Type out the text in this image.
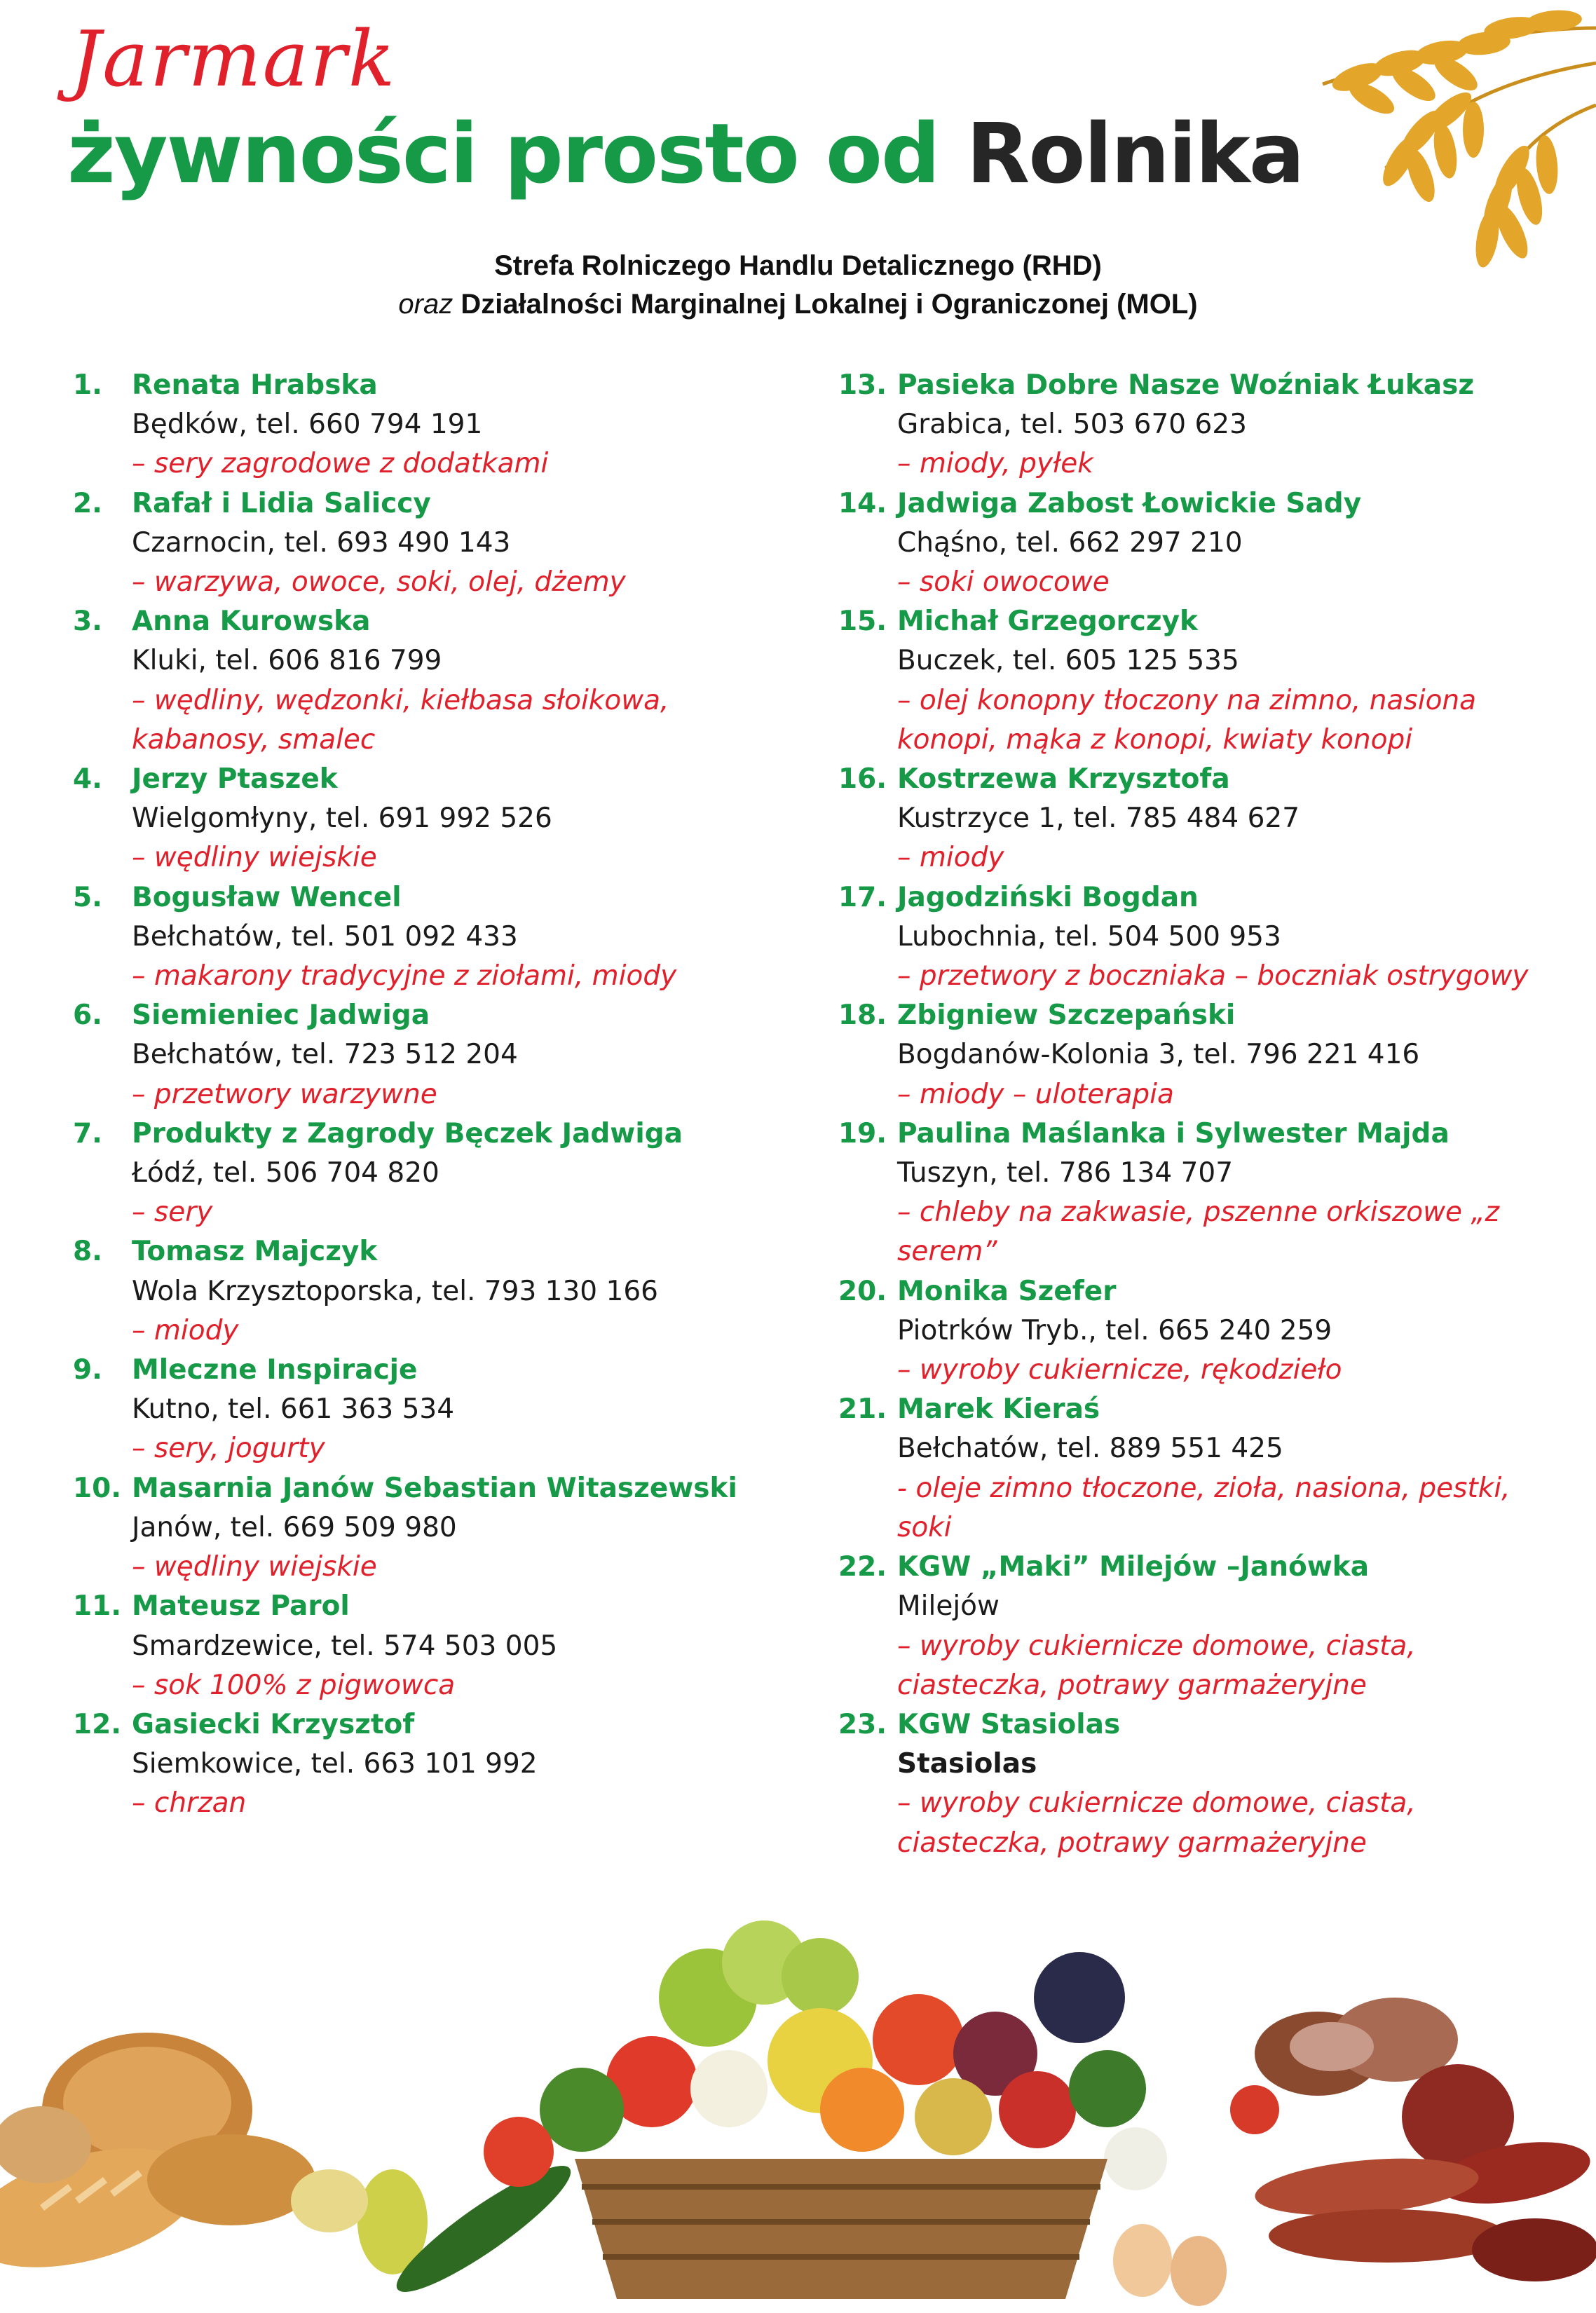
Jarmark
żywności prosto od Rolnika
Strefa Rolniczego Handlu Detalicznego (RHD)
oraz Działalności Marginalnej Lokalnej i Ograniczonej (MOL)
1. Renata Hrabska
Będków, tel. 660 794 191
– sery zagrodowe z dodatkami
2. Rafał i Lidia Saliccy
Czarnocin, tel. 693 490 143
– warzywa, owoce, soki, olej, dżemy
3. Anna Kurowska
Kluki, tel. 606 816 799
– wędliny, wędzonki, kiełbasa słoikowa, kabanosy, smalec
4. Jerzy Ptaszek
Wielgomłyny, tel. 691 992 526
– wędliny wiejskie
5. Bogusław Wencel
Bełchatów, tel. 501 092 433
– makarony tradycyjne z ziołami, miody
6. Siemieniec Jadwiga
Bełchatów, tel. 723 512 204
– przetwory warzywne
7. Produkty z Zagrody Bęczek Jadwiga
Łódź, tel. 506 704 820
– sery
8. Tomasz Majczyk
Wola Krzysztoporska, tel. 793 130 166
– miody
9. Mleczne Inspiracje
Kutno, tel. 661 363 534
– sery, jogurty
10. Masarnia Janów Sebastian Witaszewski
Janów, tel. 669 509 980
– wędliny wiejskie
11. Mateusz Parol
Smardzewice, tel. 574 503 005
– sok 100% z pigwowca
12. Gasiecki Krzysztof
Siemkowice, tel. 663 101 992
– chrzan
13. Pasieka Dobre Nasze Woźniak Łukasz
Grabica, tel. 503 670 623
– miody, pyłek
14. Jadwiga Zabost Łowickie Sady
Chąśno, tel. 662 297 210
– soki owocowe
15. Michał Grzegorczyk
Buczek, tel. 605 125 535
– olej konopny tłoczony na zimno, nasiona konopi, mąka z konopi, kwiaty konopi
16. Kostrzewa Krzysztofa
Kustrzyce 1, tel. 785 484 627
– miody
17. Jagodziński Bogdan
Lubochnia, tel. 504 500 953
– przetwory z boczniaka – boczniak ostrygowy
18. Zbigniew Szczepański
Bogdanów-Kolonia 3, tel. 796 221 416
– miody – uloterapia
19. Paulina Maślanka i Sylwester Majda
Tuszyn, tel. 786 134 707
– chleby na zakwasie, pszenne orkiszowe „z serem”
20. Monika Szefer
Piotrków Tryb., tel. 665 240 259
– wyroby cukiernicze, rękodzieło
21. Marek Kieraś
Bełchatów, tel. 889 551 425
- oleje zimno tłoczone, zioła, nasiona, pestki, soki
22. KGW „Maki” Milejów –Janówka
Milejów
– wyroby cukiernicze domowe, ciasta, ciasteczka, potrawy garmażeryjne
23. KGW Stasiolas
Stasiolas
– wyroby cukiernicze domowe, ciasta, ciasteczka, potrawy garmażeryjne
